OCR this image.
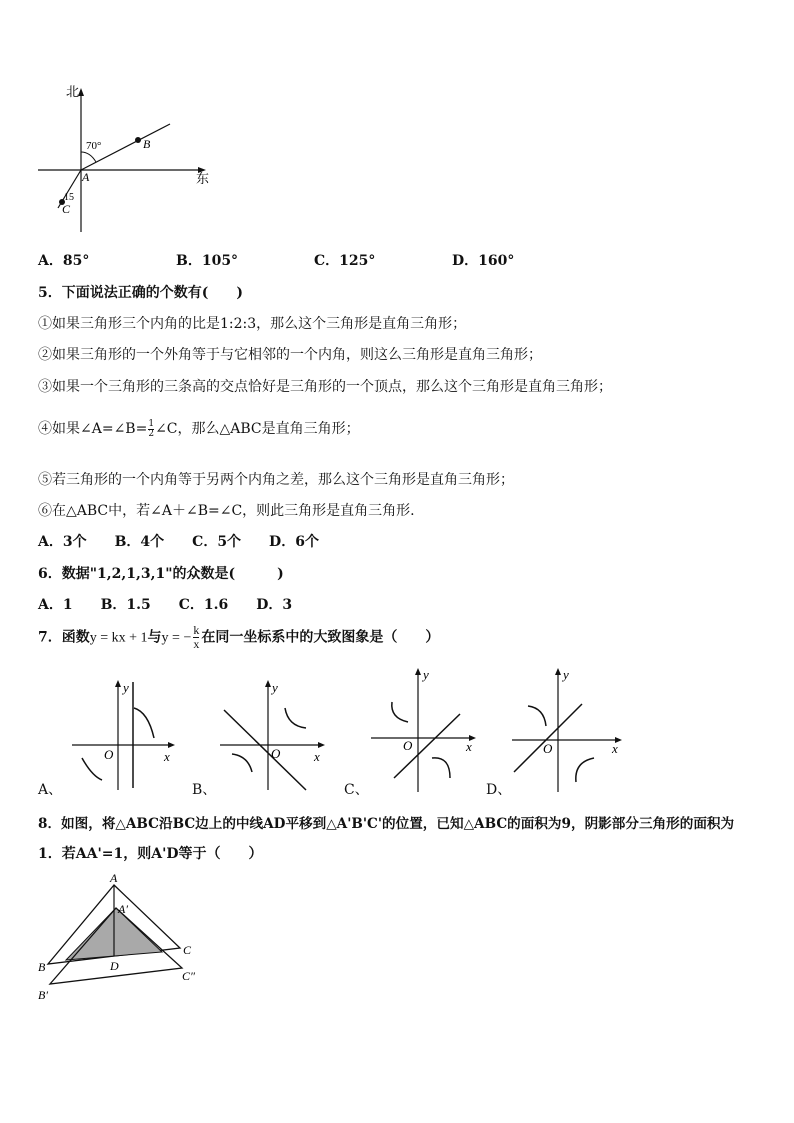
北
东
70°
15
A
B
C
A．85°	B．105°	C．125°	D．160°
5．下面说法正确的个数有(　　)
①如果三角形三个内角的比是1:2:3，那么这个三角形是直角三角形；
②如果三角形的一个外角等于与它相邻的一个内角，则这么三角形是直角三角形；
③如果一个三角形的三条高的交点恰好是三角形的一个顶点，那么这个三角形是直角三角形；
④如果∠A=∠B= $\frac{1}{2}$ ∠C，那么△ABC是直角三角形；
⑤若三角形的一个内角等于另两个内角之差，那么这个三角形是直角三角形；
⑥在△ABC中，若∠A＋∠B=∠C，则此三角形是直角三角形.
A．3个　　B．4个　　C．5个　　D．6个
6．数据"1,2,1,3,1"的众数是(　　　)
A．1　　B．1.5　　C．1.6　　D．3
7．函数y = kx + 1与y = − $\frac{k}{x}$ 在同一坐标系中的大致图象是（　　）
y
x
O
A、
y
x
O
B、
y
x
O
C、
y
x
O
D、
8．如图，将△ABC沿BC边上的中线AD平移到△A'B'C'的位置，已知△ABC的面积为9，阴影部分三角形的面积为
1．若AA'=1，则A'D等于（　　）
A
A′
B
B′
C
C″
D
